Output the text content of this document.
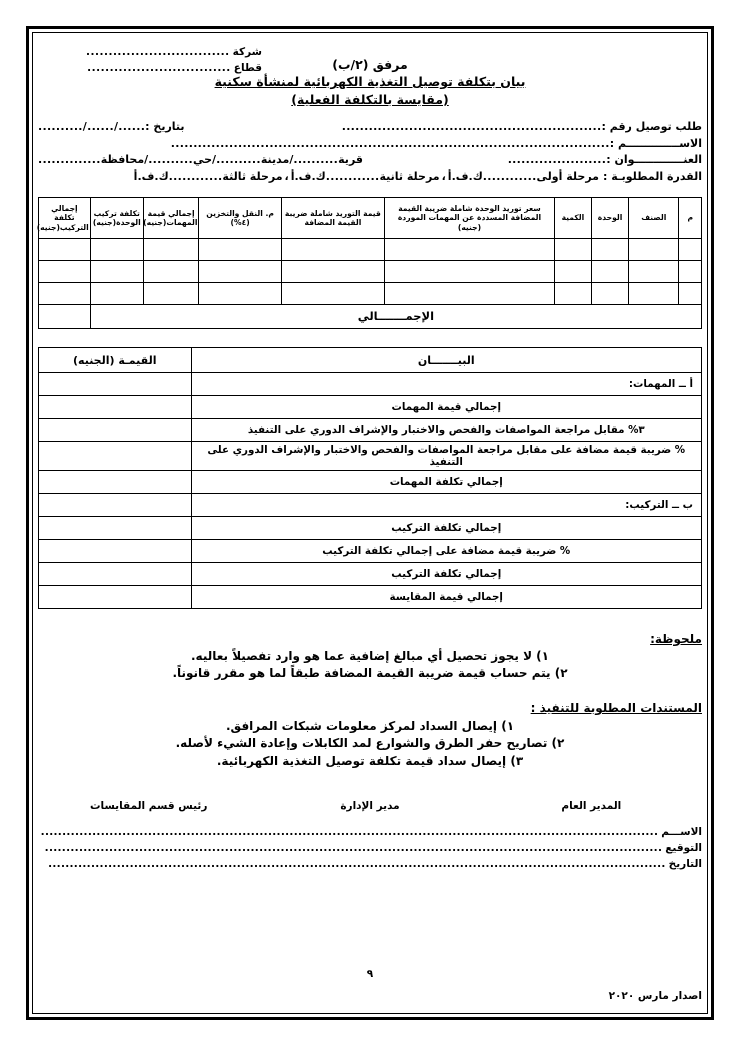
شركة
................................
قطاع
................................	مرفق (٢/ب)
بيان بتكلفة توصيل التغذية الكهربائية لمنشأة سكنية
(مقايسة بالتكلفة الفعلية)
طلب توصيل رقم :
..........................................................
بتاريخ :
....../....../..........
الاســــــــــــــم :
..................................................................................................
العنـــــــــــــوان :
......................
قرية
..........
/مدينة
..........
/حي
..........
/محافظة
..............
القدرة المطلوبـة :
مرحلة أولى
............
ك.ف.أ
،
مرحلة ثانية
............
ك.ف.أ
،
مرحلة ثالثة
............
ك.ف.أ
م	الصنف	الوحدة	الكمية	سعر توريد الوحدة شاملة ضريبة القيمة المضافة المسددة عن المهمات الموردة (جنيه)	قيمة التوريد شاملة ضريبة القيمة المضافة	م. النقل والتخزين (٤%)	إجمالي قيمة المهمات(جنيه)	تكلفة تركيب الوحدة(جنيه)	إجمالي تكلفة التركيب(جنيه)

الإجمـــــــالي									
البيـــــــان	القيمـة (الجنيه)
أ ــ المهمات:	
إجمالي قيمة المهمات	
٣% مقابل مراجعة المواصفات والفحص والاختبار والإشراف الدوري على التنفيذ	
% ضريبة قيمة مضافة على مقابل مراجعة المواصفات والفحص والاختبار والإشراف الدوري على التنفيذ	
إجمالي تكلفة المهمات	
ب ــ التركيب:	
إجمالي تكلفة التركيب	
% ضريبة قيمة مضافة على إجمالي تكلفة التركيب	
إجمالي تكلفة التركيب	
إجمالي قيمة المقايسة	
ملحوظة:
١) لا يجوز تحصيل أي مبالغ إضافية عما هو وارد تفصيلاً بعاليه.
٢) يتم حساب قيمة ضريبة القيمة المضافة طبقاً لما هو مقرر قانوناً.
المستندات المطلوبة للتنفيذ :
١) إيصال السداد لمركز معلومات شبكات المرافق.
٢) تصاريح حفر الطرق والشوارع لمد الكابلات وإعادة الشيء لأصله.
٣) إيصال سداد قيمة تكلفة توصيل التغذية الكهربائية.
المدير العام
مدير الإدارة
رئيس قسم المقايسات
الاســـم
................................................................................................................................................
التوقيع
................................................................................................................................................
التاريخ
................................................................................................................................................
٩
اصدار مارس ٢٠٢٠
